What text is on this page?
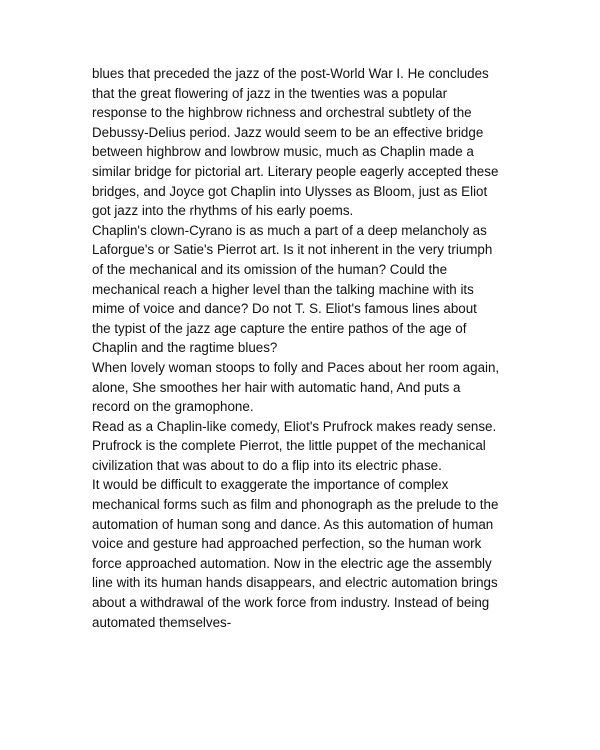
blues that preceded the jazz of the post-World War I. He concludes
that the great flowering of jazz in the twenties was a popular
response to the highbrow richness and orchestral subtlety of the
Debussy-Delius period. Jazz would seem to be an effective bridge
between highbrow and lowbrow music, much as Chaplin made a
similar bridge for pictorial art. Literary people eagerly accepted these
bridges, and Joyce got Chaplin into Ulysses as Bloom, just as Eliot
got jazz into the rhythms of his early poems.
Chaplin's clown-Cyrano is as much a part of a deep melancholy as
Laforgue's or Satie's Pierrot art. Is it not inherent in the very triumph
of the mechanical and its omission of the human? Could the
mechanical reach a higher level than the talking machine with its
mime of voice and dance? Do not T. S. Eliot's famous lines about
the typist of the jazz age capture the entire pathos of the age of
Chaplin and the ragtime blues?
When lovely woman stoops to folly and Paces about her room again,
alone, She smoothes her hair with automatic hand, And puts a
record on the gramophone.
Read as a Chaplin-like comedy, Eliot's Prufrock makes ready sense.
Prufrock is the complete Pierrot, the little puppet of the mechanical
civilization that was about to do a flip into its electric phase.
It would be difficult to exaggerate the importance of complex
mechanical forms such as film and phonograph as the prelude to the
automation of human song and dance. As this automation of human
voice and gesture had approached perfection, so the human work
force approached automation. Now in the electric age the assembly
line with its human hands disappears, and electric automation brings
about a withdrawal of the work force from industry. Instead of being
automated themselves-
